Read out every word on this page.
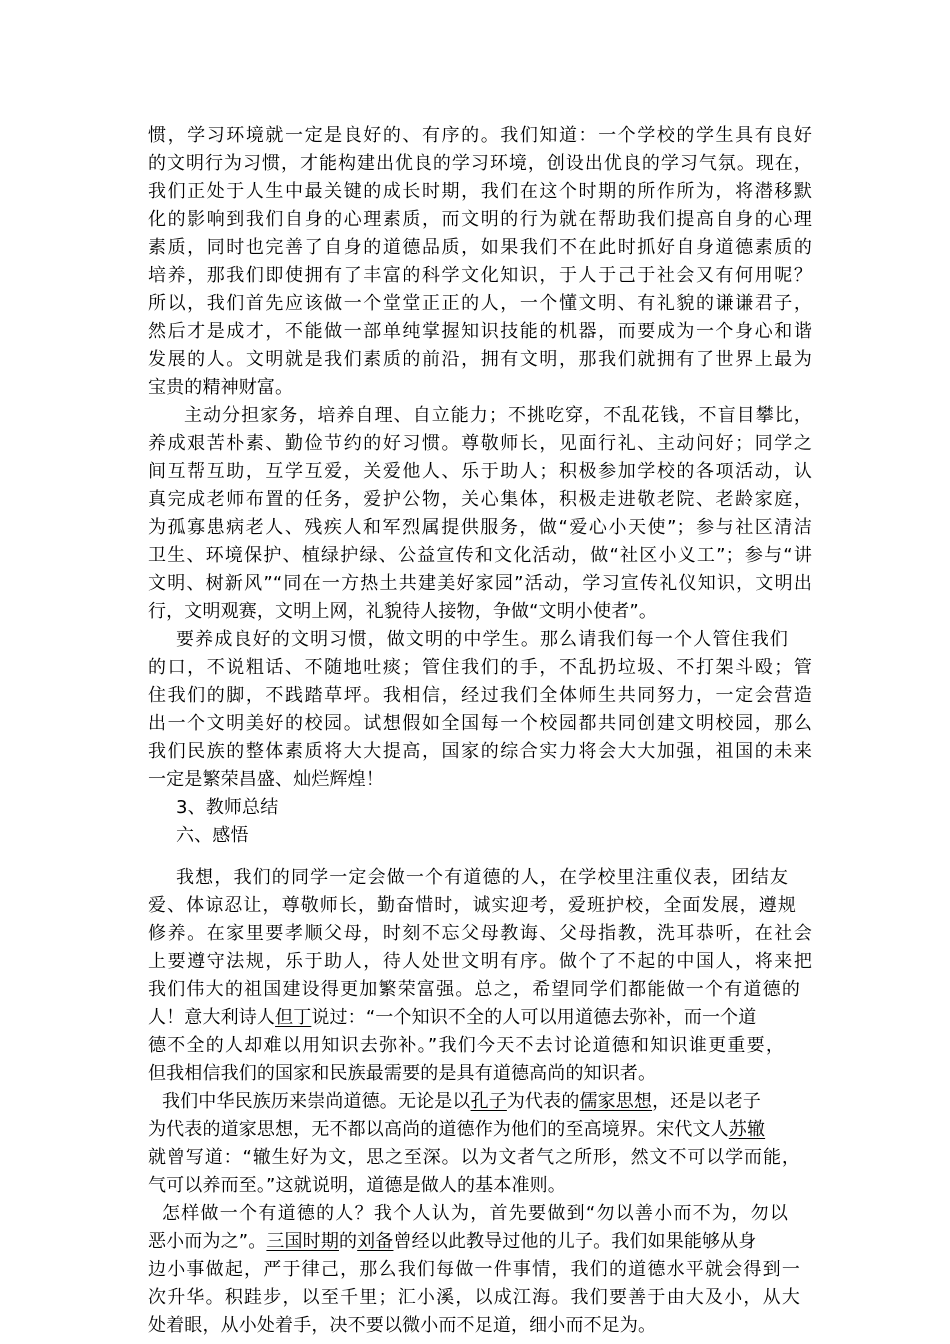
惯，学习环境就一定是良好的、有序的。我们知道：一个学校的学生具有良好
的文明行为习惯，才能构建出优良的学习环境，创设出优良的学习气氛。现在，
我们正处于人生中最关键的成长时期，我们在这个时期的所作所为，将潜移默
化的影响到我们自身的心理素质，而文明的行为就在帮助我们提高自身的心理
素质，同时也完善了自身的道德品质，如果我们不在此时抓好自身道德素质的
培养，那我们即使拥有了丰富的科学文化知识，于人于己于社会又有何用呢？
所以，我们首先应该做一个堂堂正正的人，一个懂文明、有礼貌的谦谦君子，
然后才是成才，不能做一部单纯掌握知识技能的机器，而要成为一个身心和谐
发展的人。文明就是我们素质的前沿，拥有文明，那我们就拥有了世界上最为
宝贵的精神财富。
主动分担家务，培养自理、自立能力；不挑吃穿，不乱花钱，不盲目攀比，
养成艰苦朴素、勤俭节约的好习惯。尊敬师长，见面行礼、主动问好；同学之
间互帮互助，互学互爱，关爱他人、乐于助人；积极参加学校的各项活动，认
真完成老师布置的任务，爱护公物，关心集体，积极走进敬老院、老龄家庭，
为孤寡患病老人、残疾人和军烈属提供服务，做“爱心小天使”；参与社区清洁
卫生、环境保护、植绿护绿、公益宣传和文化活动，做“社区小义工”；参与“讲
文明、树新风”“同在一方热土共建美好家园”活动，学习宣传礼仪知识，文明出
行，文明观赛，文明上网，礼貌待人接物，争做“文明小使者”。
要养成良好的文明习惯，做文明的中学生。那么请我们每一个人管住我们
的口，不说粗话、不随地吐痰；管住我们的手，不乱扔垃圾、不打架斗殴；管
住我们的脚，不践踏草坪。我相信，经过我们全体师生共同努力，一定会营造
出一个文明美好的校园。试想假如全国每一个校园都共同创建文明校园，那么
我们民族的整体素质将大大提高，国家的综合实力将会大大加强，祖国的未来
一定是繁荣昌盛、灿烂辉煌！
3、教师总结
六、感悟
我想，我们的同学一定会做一个有道德的人，在学校里注重仪表，团结友
爱、体谅忍让，尊敬师长，勤奋惜时，诚实迎考，爱班护校，全面发展，遵规
修养。在家里要孝顺父母，时刻不忘父母教诲、父母指教，洗耳恭听，在社会
上要遵守法规，乐于助人，待人处世文明有序。做个了不起的中国人，将来把
我们伟大的祖国建设得更加繁荣富强。总之，希望同学们都能做一个有道德的
人！意大利诗人但丁说过：“一个知识不全的人可以用道德去弥补，而一个道
德不全的人却难以用知识去弥补。”我们今天不去讨论道德和知识谁更重要，
但我相信我们的国家和民族最需要的是具有道德高尚的知识者。
我们中华民族历来崇尚道德。无论是以孔子为代表的儒家思想，还是以老子
为代表的道家思想，无不都以高尚的道德作为他们的至高境界。宋代文人苏辙
就曾写道：“辙生好为文，思之至深。以为文者气之所形，然文不可以学而能，
气可以养而至。”这就说明，道德是做人的基本准则。
怎样做一个有道德的人？我个人认为，首先要做到“勿以善小而不为，勿以
恶小而为之”。三国时期的刘备曾经以此教导过他的儿子。我们如果能够从身
边小事做起，严于律己，那么我们每做一件事情，我们的道德水平就会得到一
次升华。积跬步，以至千里；汇小溪，以成江海。我们要善于由大及小，从大
处着眼，从小处着手，决不要以微小而不足道，细小而不足为。
